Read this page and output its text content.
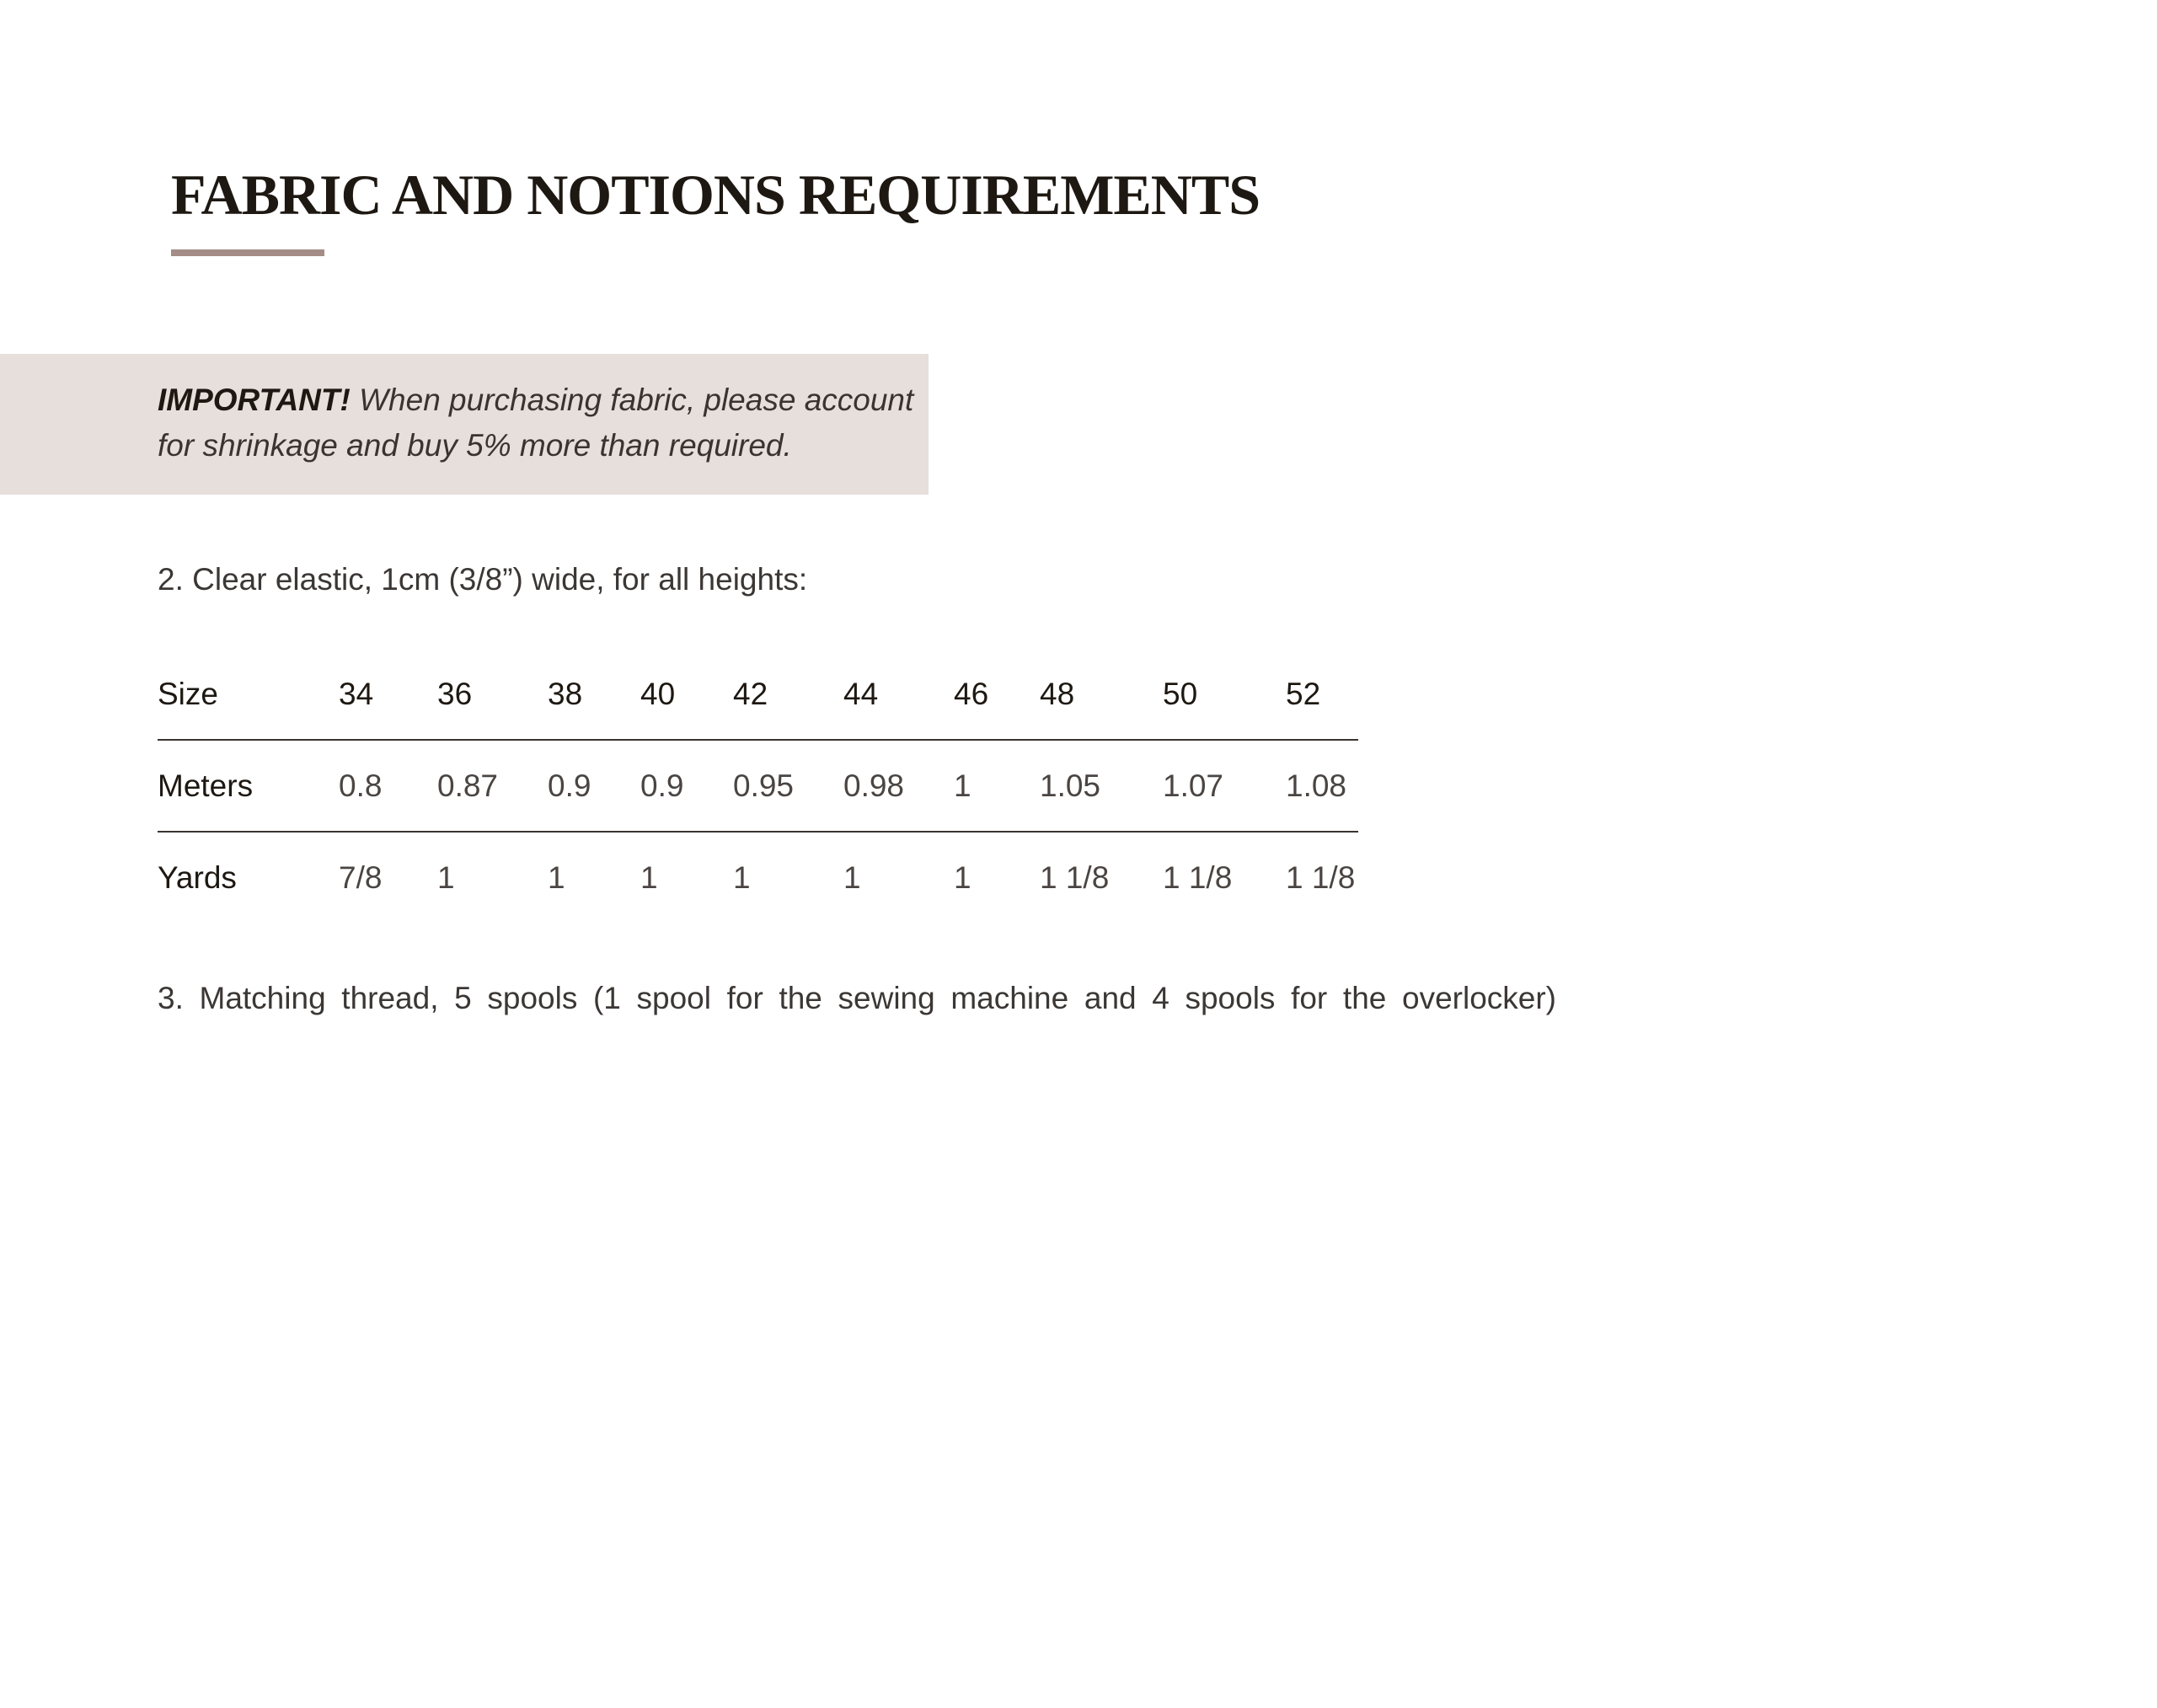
FABRIC AND NOTIONS REQUIREMENTS

IMPORTANT! When purchasing fabric, please account for shrinkage and buy 5% more than required.

2. Clear elastic, 1cm (3/8”) wide, for all heights:

Size	34	36	38	40	42	44	46	48	50	52
Meters	0.8	0.87	0.9	0.9	0.95	0.98	1	1.05	1.07	1.08
Yards	7/8	1	1	1	1	1	1	1 1/8	1 1/8	1 1/8

3. Matching thread, 5 spools (1 spool for the sewing machine and 4 spools for the overlocker)
